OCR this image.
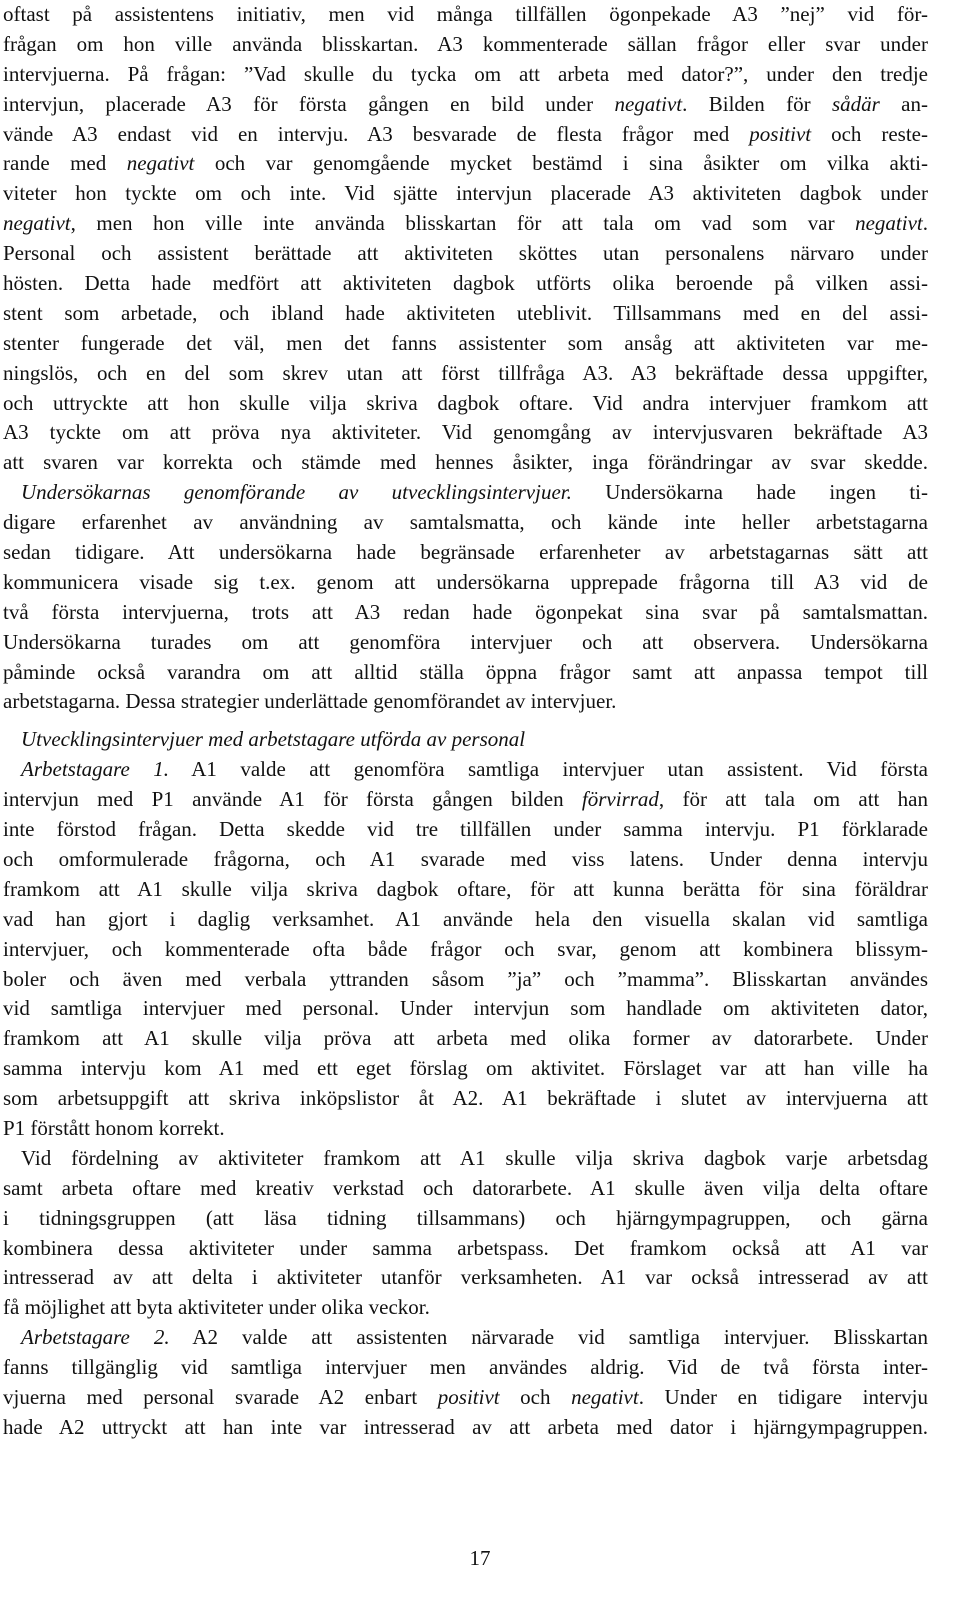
oftast på assistentens initiativ, men vid många tillfällen ögonpekade A3 ”nej” vid för-
frågan om hon ville använda blisskartan. A3 kommenterade sällan frågor eller svar under
intervjuerna. På frågan: ”Vad skulle du tycka om att arbeta med dator?”, under den tredje
intervjun, placerade A3 för första gången en bild under negativt. Bilden för sådär an-
vände A3 endast vid en intervju. A3 besvarade de flesta frågor med positivt och reste-
rande med negativt och var genomgående mycket bestämd i sina åsikter om vilka akti-
viteter hon tyckte om och inte. Vid sjätte intervjun placerade A3 aktiviteten dagbok under
negativt, men hon ville inte använda blisskartan för att tala om vad som var negativt.
Personal och assistent berättade att aktiviteten sköttes utan personalens närvaro under
hösten. Detta hade medfört att aktiviteten dagbok utförts olika beroende på vilken assi-
stent som arbetade, och ibland hade aktiviteten uteblivit. Tillsammans med en del assi-
stenter fungerade det väl, men det fanns assistenter som ansåg att aktiviteten var me-
ningslös, och en del som skrev utan att först tillfråga A3. A3 bekräftade dessa uppgifter,
och uttryckte att hon skulle vilja skriva dagbok oftare. Vid andra intervjuer framkom att
A3 tyckte om att pröva nya aktiviteter. Vid genomgång av intervjusvaren bekräftade A3
att svaren var korrekta och stämde med hennes åsikter, inga förändringar av svar skedde.
Undersökarnas genomförande av utvecklingsintervjuer. Undersökarna hade ingen ti-
digare erfarenhet av användning av samtalsmatta, och kände inte heller arbetstagarna
sedan tidigare. Att undersökarna hade begränsade erfarenheter av arbetstagarnas sätt att
kommunicera visade sig t.ex. genom att undersökarna upprepade frågorna till A3 vid de
två första intervjuerna, trots att A3 redan hade ögonpekat sina svar på samtalsmattan.
Undersökarna turades om att genomföra intervjuer och att observera. Undersökarna
påminde också varandra om att alltid ställa öppna frågor samt att anpassa tempot till
arbetstagarna. Dessa strategier underlättade genomförandet av intervjuer.
Utvecklingsintervjuer med arbetstagare utförda av personal
Arbetstagare 1. A1 valde att genomföra samtliga intervjuer utan assistent. Vid första
intervjun med P1 använde A1 för första gången bilden förvirrad, för att tala om att han
inte förstod frågan. Detta skedde vid tre tillfällen under samma intervju. P1 förklarade
och omformulerade frågorna, och A1 svarade med viss latens. Under denna intervju
framkom att A1 skulle vilja skriva dagbok oftare, för att kunna berätta för sina föräldrar
vad han gjort i daglig verksamhet. A1 använde hela den visuella skalan vid samtliga
intervjuer, och kommenterade ofta både frågor och svar, genom att kombinera blissym-
boler och även med verbala yttranden såsom ”ja” och ”mamma”. Blisskartan användes
vid samtliga intervjuer med personal. Under intervjun som handlade om aktiviteten dator,
framkom att A1 skulle vilja pröva att arbeta med olika former av datorarbete. Under
samma intervju kom A1 med ett eget förslag om aktivitet. Förslaget var att han ville ha
som arbetsuppgift att skriva inköpslistor åt A2. A1 bekräftade i slutet av intervjuerna att
P1 förstått honom korrekt.
Vid fördelning av aktiviteter framkom att A1 skulle vilja skriva dagbok varje arbetsdag
samt arbeta oftare med kreativ verkstad och datorarbete. A1 skulle även vilja delta oftare
i tidningsgruppen (att läsa tidning tillsammans) och hjärngympagruppen, och gärna
kombinera dessa aktiviteter under samma arbetspass. Det framkom också att A1 var
intresserad av att delta i aktiviteter utanför verksamheten. A1 var också intresserad av att
få möjlighet att byta aktiviteter under olika veckor.
Arbetstagare 2. A2 valde att assistenten närvarade vid samtliga intervjuer. Blisskartan
fanns tillgänglig vid samtliga intervjuer men användes aldrig. Vid de två första inter-
vjuerna med personal svarade A2 enbart positivt och negativt. Under en tidigare intervju
hade A2 uttryckt att han inte var intresserad av att arbeta med dator i hjärngympagruppen.
17
